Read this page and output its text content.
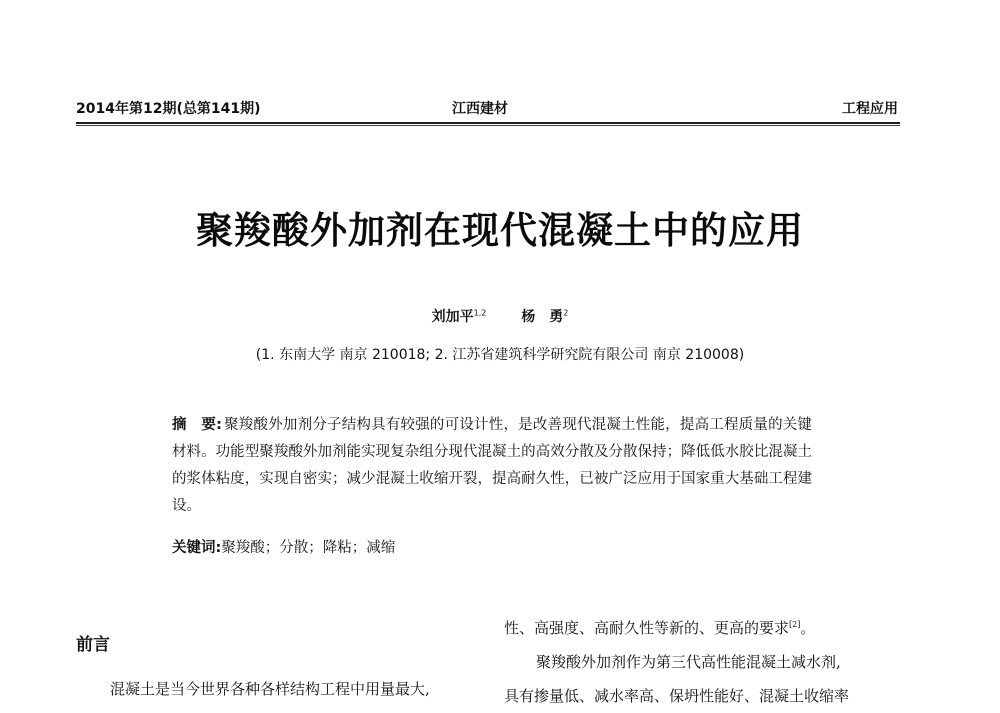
2014年第12期(总第141期)	江西建材	工程应用
聚羧酸外加剂在现代混凝土中的应用
刘加平$^{1,2}$ 杨　勇$^2$
(1. 东南大学 南京 210018; 2. 江苏省建筑科学研究院有限公司 南京 210008)
摘　要: 聚羧酸外加剂分子结构具有较强的可设计性，是改善现代混凝土性能，提高工程质量的关键材料。功能型聚羧酸外加剂能实现复杂组分现代混凝土的高效分散及分散保持；降低低水胶比混凝土的浆体粘度，实现自密实；减少混凝土收缩开裂，提高耐久性，已被广泛应用于国家重大基础工程建设。
关键词:聚羧酸；分散；降粘；减缩
前言
混凝土是当今世界各种各样结构工程中用量最大,
性、高强度、高耐久性等新的、更高的要求[2]。
聚羧酸外加剂作为第三代高性能混凝土减水剂,
具有掺量低、减水率高、保坍性能好、混凝土收缩率
